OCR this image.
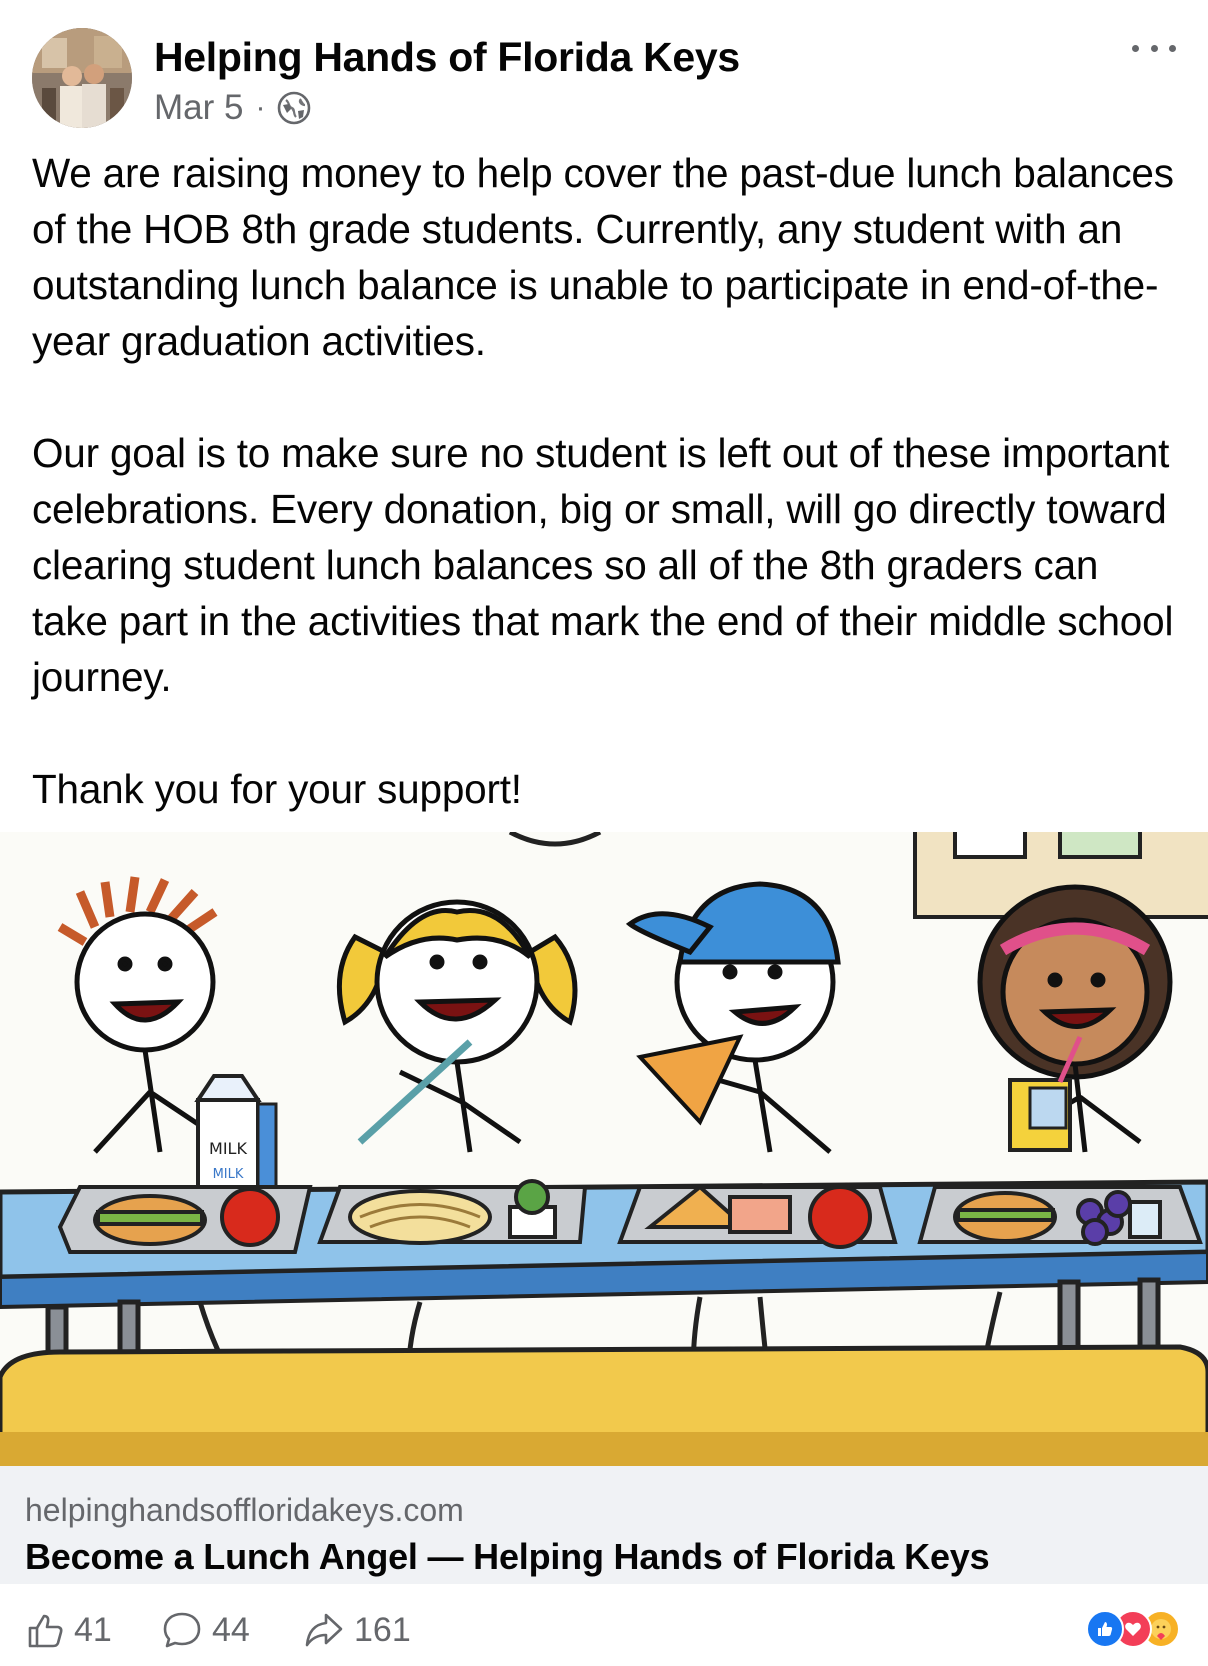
Helping Hands of Florida Keys
Mar 5 ·

We are raising money to help cover the past-due lunch balances of the HOB 8th grade students. Currently, any student with an outstanding lunch balance is unable to participate in end-of-the-year graduation activities.

Our goal is to make sure no student is left out of these important celebrations. Every donation, big or small, will go directly toward clearing student lunch balances so all of the 8th graders can take part in the activities that mark the end of their middle school journey.

Thank you for your support!

MILK
MILK
helpinghandsoffloridakeys.com
Become a Lunch Angel — Helping Hands of Florida Keys
41	44	161
